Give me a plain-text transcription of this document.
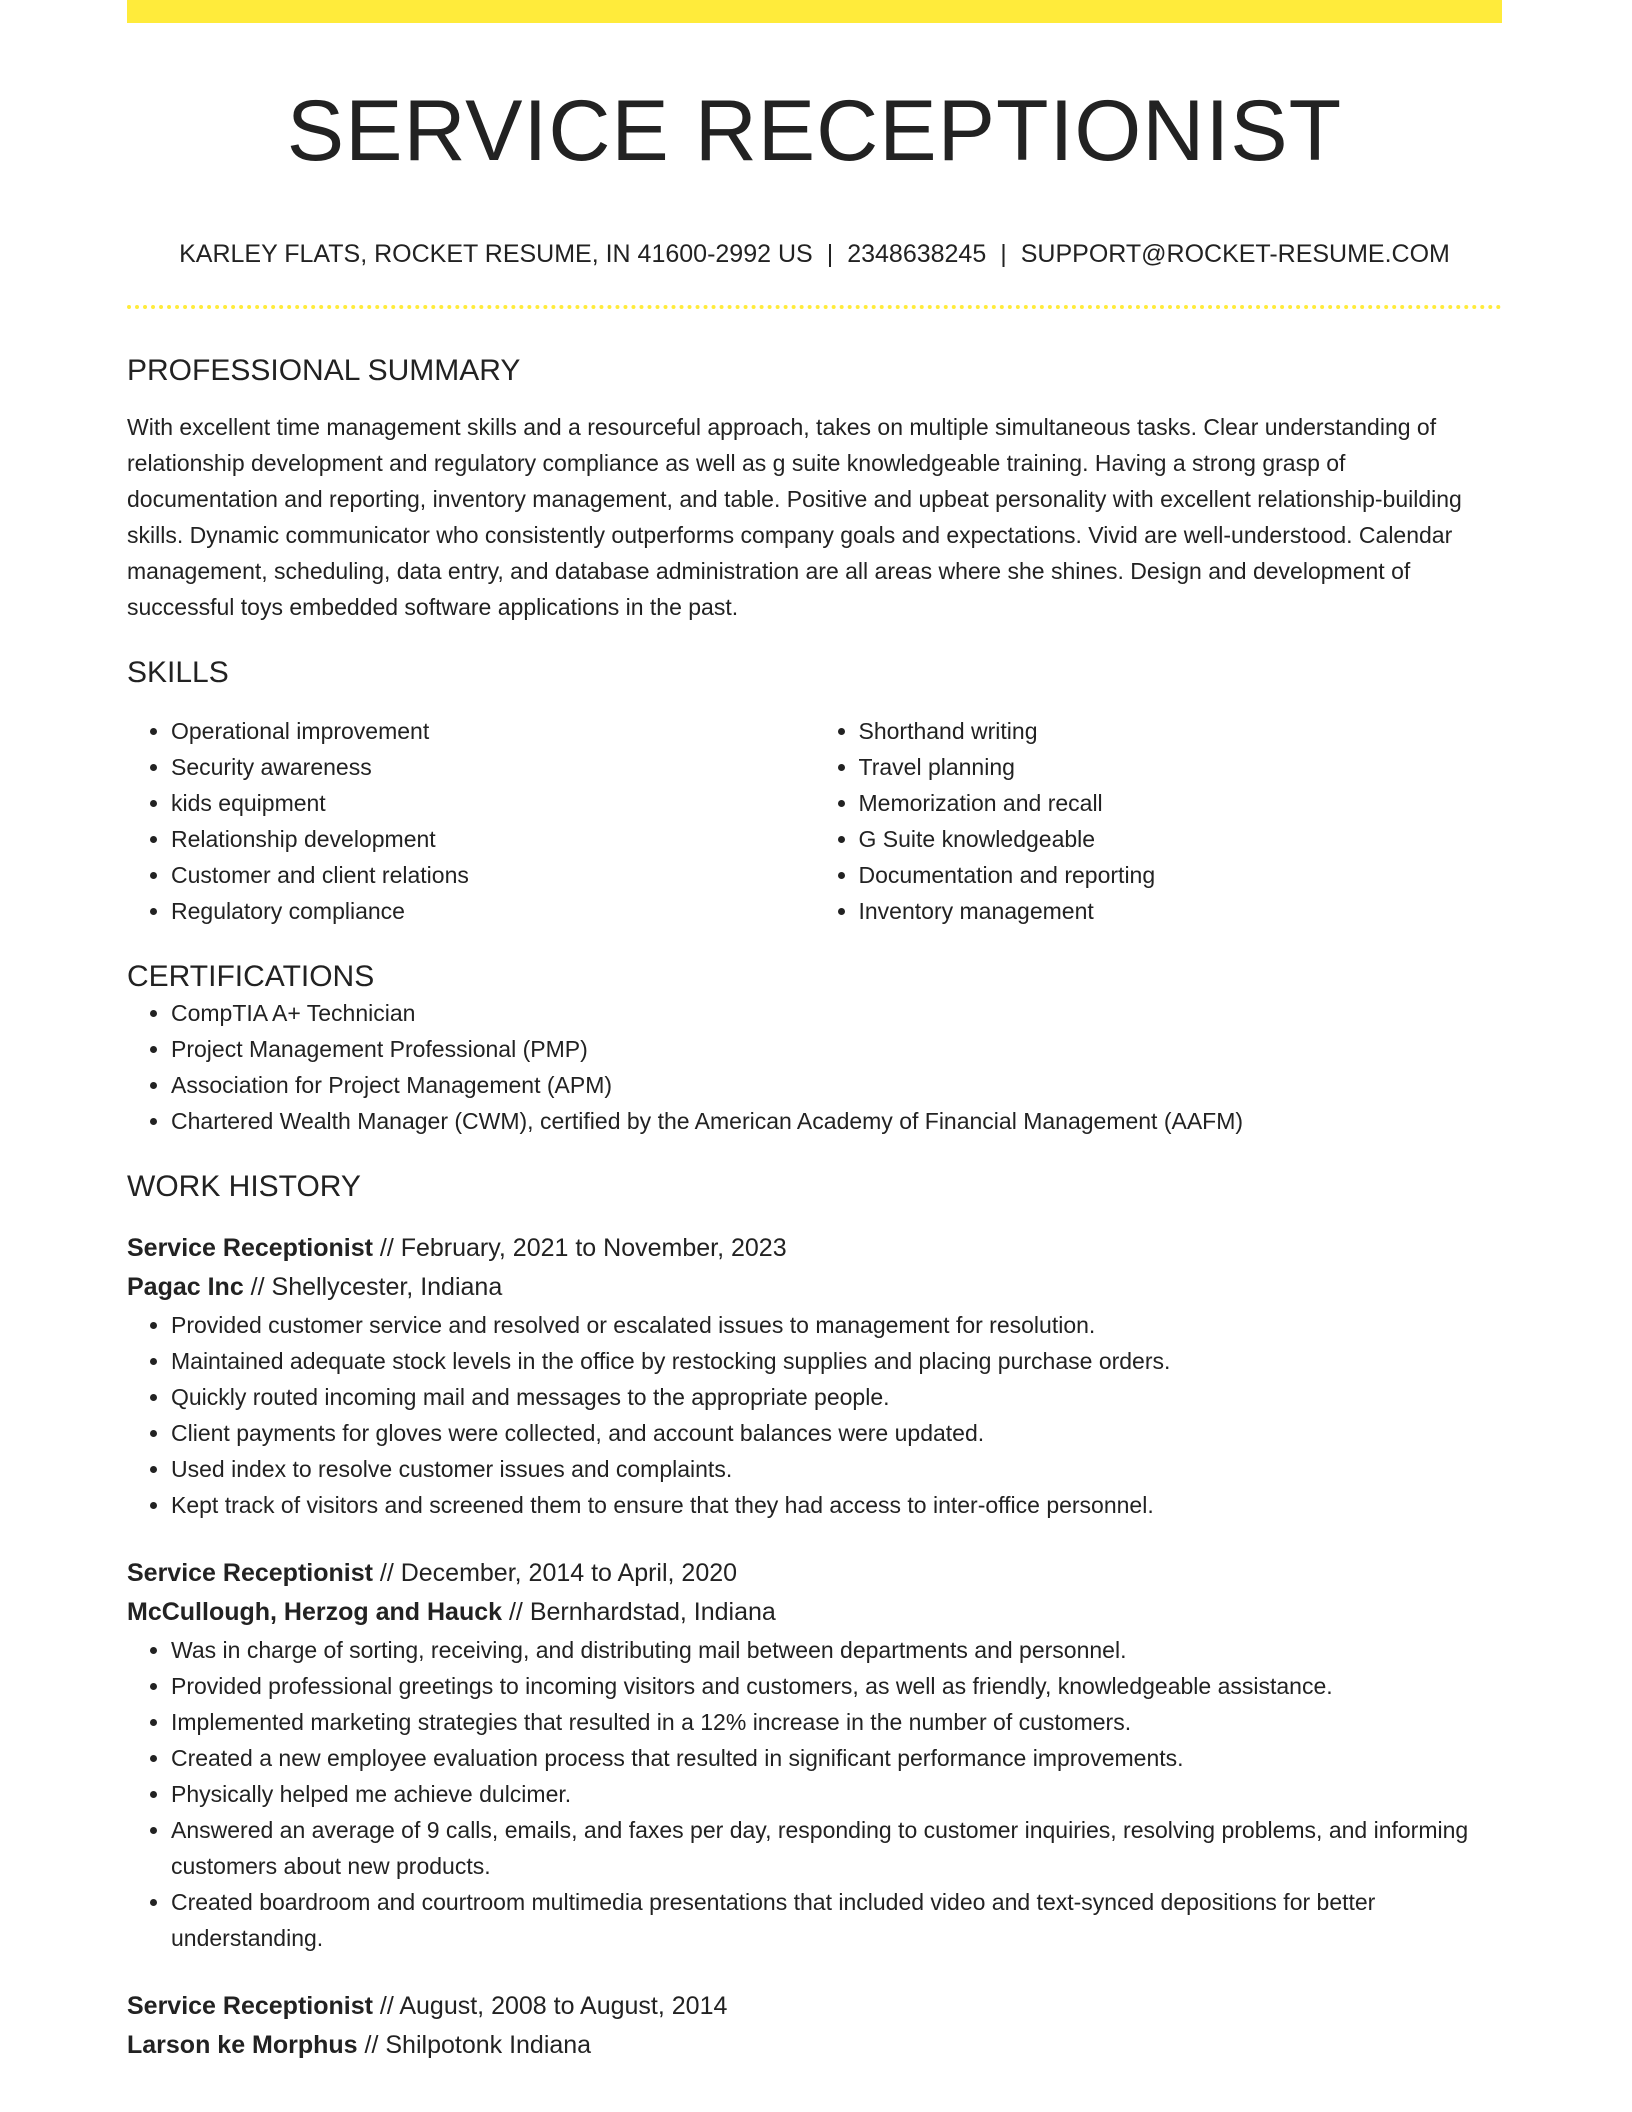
SERVICE RECEPTIONIST
KARLEY FLATS, ROCKET RESUME, IN 41600-2992 US | 2348638245 | SUPPORT@ROCKET-RESUME.COM
PROFESSIONAL SUMMARY
With excellent time management skills and a resourceful approach, takes on multiple simultaneous tasks. Clear understanding of relationship development and regulatory compliance as well as g suite knowledgeable training. Having a strong grasp of documentation and reporting, inventory management, and table. Positive and upbeat personality with excellent relationship-building skills. Dynamic communicator who consistently outperforms company goals and expectations. Vivid are well-understood. Calendar management, scheduling, data entry, and database administration are all areas where she shines. Design and development of successful toys embedded software applications in the past.
SKILLS
• Operational improvement
• Security awareness
• kids equipment
• Relationship development
• Customer and client relations
• Regulatory compliance
• Shorthand writing
• Travel planning
• Memorization and recall
• G Suite knowledgeable
• Documentation and reporting
• Inventory management
CERTIFICATIONS
• CompTIA A+ Technician
• Project Management Professional (PMP)
• Association for Project Management (APM)
• Chartered Wealth Manager (CWM), certified by the American Academy of Financial Management (AAFM)
WORK HISTORY
Service Receptionist // February, 2021 to November, 2023
Pagac Inc // Shellycester, Indiana
• Provided customer service and resolved or escalated issues to management for resolution.
• Maintained adequate stock levels in the office by restocking supplies and placing purchase orders.
• Quickly routed incoming mail and messages to the appropriate people.
• Client payments for gloves were collected, and account balances were updated.
• Used index to resolve customer issues and complaints.
• Kept track of visitors and screened them to ensure that they had access to inter-office personnel.
Service Receptionist // December, 2014 to April, 2020
McCullough, Herzog and Hauck // Bernhardstad, Indiana
• Was in charge of sorting, receiving, and distributing mail between departments and personnel.
• Provided professional greetings to incoming visitors and customers, as well as friendly, knowledgeable assistance.
• Implemented marketing strategies that resulted in a 12% increase in the number of customers.
• Created a new employee evaluation process that resulted in significant performance improvements.
• Physically helped me achieve dulcimer.
• Answered an average of 9 calls, emails, and faxes per day, responding to customer inquiries, resolving problems, and informing customers about new products.
• Created boardroom and courtroom multimedia presentations that included video and text-synced depositions for better understanding.
Service Receptionist // August, 2008 to August, 2014
Larson ke Morphus // Shilpotonk Indiana
